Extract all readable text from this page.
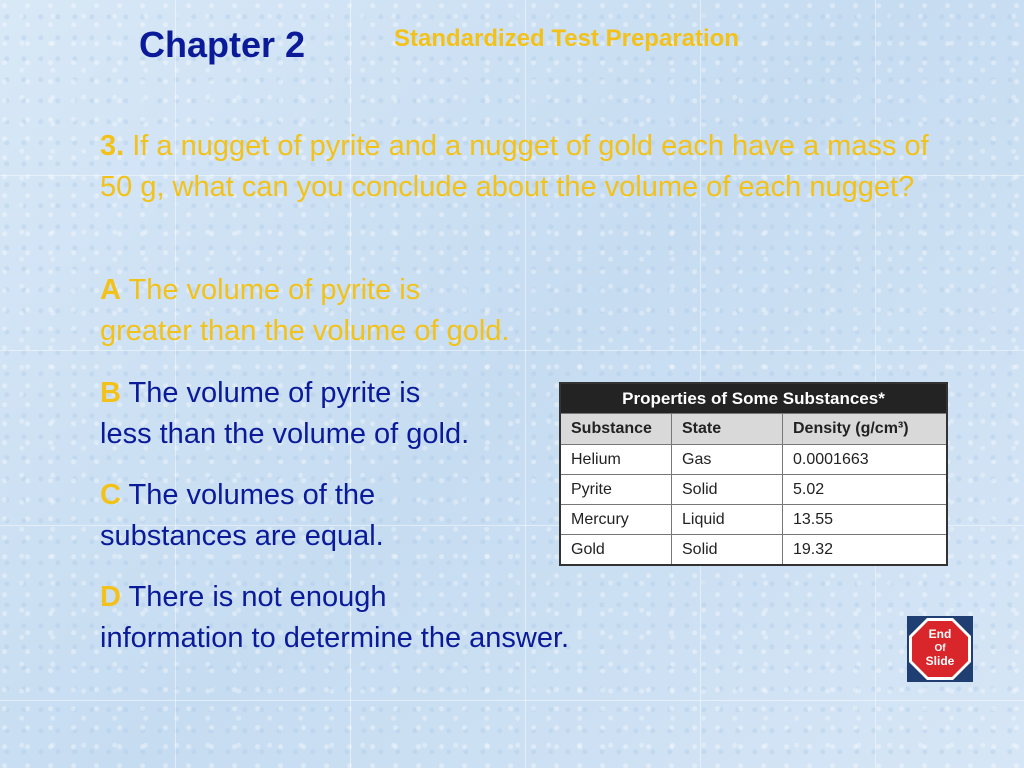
Chapter 2	Standardized Test Preparation
3. If a nugget of pyrite and a nugget of gold each have a mass of 50 g, what can you conclude about the volume of each nugget?
A The volume of pyrite is
greater than the volume of gold.
B The volume of pyrite is
less than the volume of gold.
C The volumes of the
substances are equal.
D There is not enough
information to determine the answer.
Properties of Some Substances*		
Substance	State	Density (g/cm³)
Helium	Gas	0.0001663
Pyrite	Solid	5.02
Mercury	Liquid	13.55
Gold	Solid	19.32
End
Of
Slide
